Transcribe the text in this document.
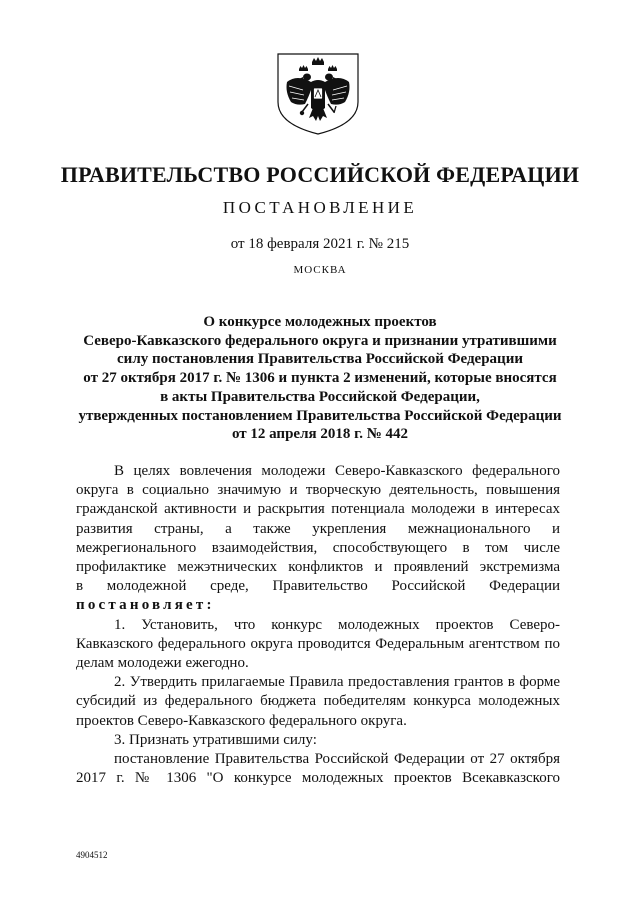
ПРАВИТЕЛЬСТВО РОССИЙСКОЙ ФЕДЕРАЦИИ
ПОСТАНОВЛЕНИЕ
от 18 февраля 2021 г. № 215
МОСКВА
О конкурсе молодежных проектов
Северо-Кавказского федерального округа и признании утратившими
силу постановления Правительства Российской Федерации
от 27 октября 2017 г. № 1306 и пункта 2 изменений, которые вносятся
в акты Правительства Российской Федерации,
утвержденных постановлением Правительства Российской Федерации
от 12 апреля 2018 г. № 442

В целях вовлечения молодежи Северо-Кавказского федерального

округа в социально значимую и творческую деятельность, повышения

гражданской активности и раскрытия потенциала молодежи в интересах

развития страны, а также укрепления межнационального и

межрегионального взаимодействия, способствующего в том числе

профилактике межэтнических конфликтов и проявлений экстремизма

в молодежной среде, Правительство Российской Федерации

постановляет:

1. Установить, что конкурс молодежных проектов Северо-Кавказского федерального округа проводится Федеральным агентством по делам молодежи ежегодно.

2. Утвердить прилагаемые Правила предоставления грантов в форме субсидий из федерального бюджета победителям конкурса молодежных проектов Северо-Кавказского федерального округа.

3. Признать утратившими силу:

постановление Правительства Российской Федерации от 27 октября

2017 г. № 1306 "О конкурсе молодежных проектов Всекавказского

4904512
